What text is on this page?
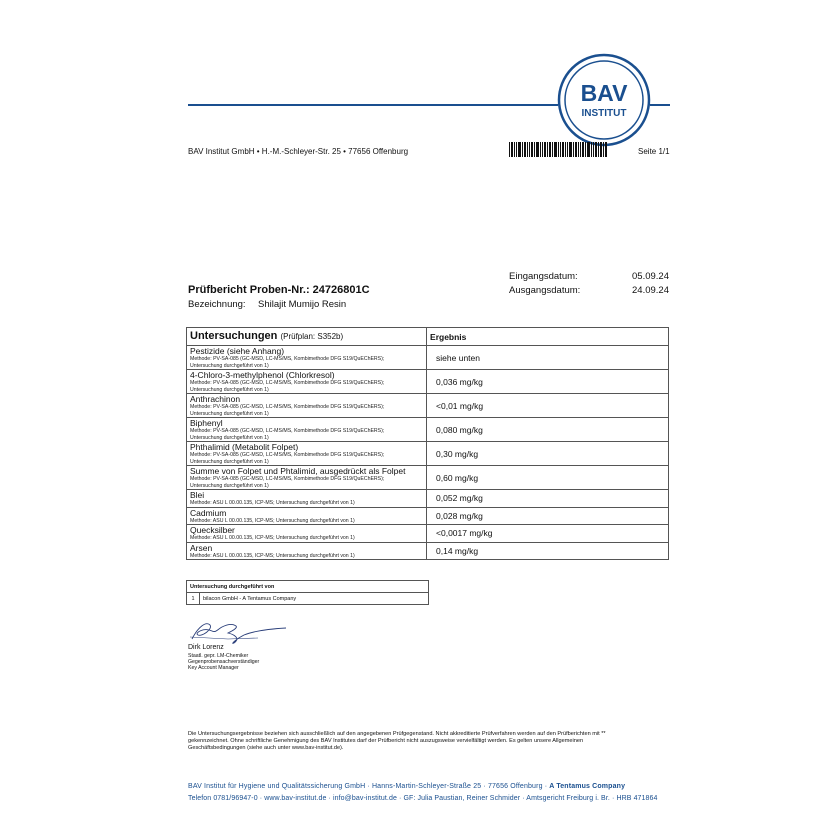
BAV
INSTITUT
BAV Institut GmbH • H.-M.-Schleyer-Str. 25 • 77656 Offenburg	Seite 1/1
Prüfbericht Proben-Nr.: 24726801C
Bezeichnung: Shilajit Mumijo Resin
Eingangsdatum:	05.09.24
Ausgangsdatum:	24.09.24
Untersuchungen (Prüfplan: S352b)	Ergebnis

Pestizide (siehe Anhang)
Methode: PV-SA-085 (GC-MSD, LC-MS/MS, Kombimethode DFG S19/QuEChERS);
Untersuchung durchgeführt von 1)	siehe unten

4-Chloro-3-methylphenol (Chlorkresol)
Methode: PV-SA-085 (GC-MSD, LC-MS/MS, Kombimethode DFG S19/QuEChERS);
Untersuchung durchgeführt von 1)	0,036 mg/kg

Anthrachinon
Methode: PV-SA-085 (GC-MSD, LC-MS/MS, Kombimethode DFG S19/QuEChERS);
Untersuchung durchgeführt von 1)	<0,01 mg/kg

Biphenyl
Methode: PV-SA-085 (GC-MSD, LC-MS/MS, Kombimethode DFG S19/QuEChERS);
Untersuchung durchgeführt von 1)	0,080 mg/kg

Phthalimid (Metabolit Folpet)
Methode: PV-SA-085 (GC-MSD, LC-MS/MS, Kombimethode DFG S19/QuEChERS);
Untersuchung durchgeführt von 1)	0,30 mg/kg

Summe von Folpet und Phtalimid, ausgedrückt als Folpet
Methode: PV-SA-085 (GC-MSD, LC-MS/MS, Kombimethode DFG S19/QuEChERS);
Untersuchung durchgeführt von 1)	0,60 mg/kg

Blei
Methode: ASU L 00.00.135, ICP-MS; Untersuchung durchgeführt von 1)	0,052 mg/kg

Cadmium
Methode: ASU L 00.00.135, ICP-MS; Untersuchung durchgeführt von 1)	0,028 mg/kg

Quecksilber
Methode: ASU L 00.00.135, ICP-MS; Untersuchung durchgeführt von 1)	<0,0017 mg/kg

Arsen
Methode: ASU L 00.00.135, ICP-MS; Untersuchung durchgeführt von 1)	0,14 mg/kg
Untersuchung durchgeführt von
1	bilacon GmbH - A Tentamus Company
Dirk Lorenz
Staatl. gepr. LM-Chemiker
Gegenprobensachverständiger
Key Account Manager
Die Untersuchungsergebnisse beziehen sich ausschließlich auf den angegebenen Prüfgegenstand. Nicht akkreditierte Prüfverfahren werden auf den Prüfberichten mit **
gekennzeichnet. Ohne schriftliche Genehmigung des BAV Institutes darf der Prüfbericht nicht auszugsweise vervielfältigt werden. Es gelten unsere Allgemeinen
Geschäftsbedingungen (siehe auch unter www.bav-institut.de).
BAV Institut für Hygiene und Qualitätssicherung GmbH · Hanns-Martin-Schleyer-Straße 25 · 77656 Offenburg · A Tentamus Company
Telefon 0781/96947-0 · www.bav-institut.de · info@bav-institut.de · GF: Julia Paustian, Reiner Schmider · Amtsgericht Freiburg i. Br. · HRB 471864
